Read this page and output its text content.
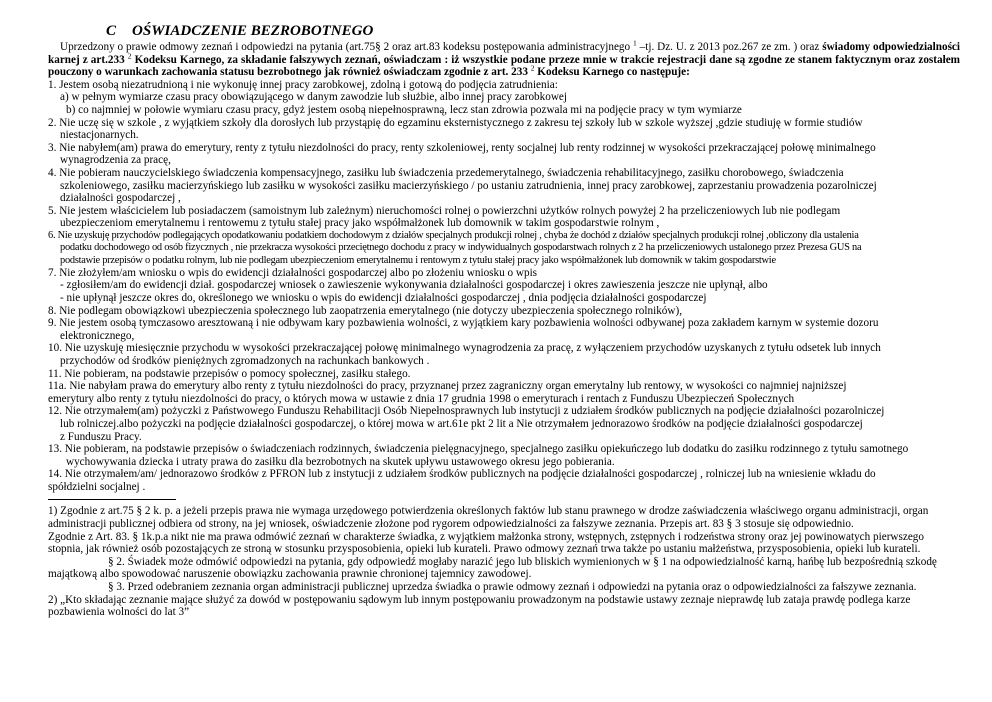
C OŚWIADCZENIE BEZROBOTNEGO
Uprzedzony o prawie odmowy zeznań i odpowiedzi na pytania (art.75§ 2 oraz art.83 kodeksu postępowania administracyjnego $^1$ –tj. Dz. U. z 2013 poz.267 ze zm. ) oraz świadomy odpowiedzialności karnej z art.233 $^2$ Kodeksu Karnego, za składanie fałszywych zeznań, oświadczam : iż wszystkie podane przeze mnie w trakcie rejestracji dane są zgodne ze stanem faktycznym oraz zostałem pouczony o warunkach zachowania statusu bezrobotnego jak również oświadczam zgodnie z art. 233 $^2$ Kodeksu Karnego co następuje:
1. Jestem osobą niezatrudnioną i nie wykonuję innej pracy zarobkowej, zdolną i gotową do podjęcia zatrudnienia:
a) w pełnym wymiarze czasu pracy obowiązującego w danym zawodzie lub służbie, albo innej pracy zarobkowej
b) co najmniej w połowie wymiaru czasu pracy, gdyż jestem osobą niepełnosprawną, lecz stan zdrowia pozwala mi na podjęcie pracy w tym wymiarze
2. Nie uczę się w szkole , z wyjątkiem szkoły dla dorosłych lub przystąpię do egzaminu eksternistycznego z zakresu tej szkoły lub w szkole wyższej ,gdzie studiuję w formie studiów
niestacjonarnych.
3. Nie nabyłem(am) prawa do emerytury, renty z tytułu niezdolności do pracy, renty szkoleniowej, renty socjalnej lub renty rodzinnej w wysokości przekraczającej połowę minimalnego
wynagrodzenia za pracę,
4. Nie pobieram nauczycielskiego świadczenia kompensacyjnego, zasiłku lub świadczenia przedemerytalnego, świadczenia rehabilitacyjnego, zasiłku chorobowego, świadczenia
szkoleniowego, zasiłku macierzyńskiego lub zasiłku w wysokości zasiłku macierzyńskiego / po ustaniu zatrudnienia, innej pracy zarobkowej, zaprzestaniu prowadzenia pozarolniczej
działalności gospodarczej ,
5. Nie jestem właścicielem lub posiadaczem (samoistnym lub zależnym) nieruchomości rolnej o powierzchni użytków rolnych powyżej 2 ha przeliczeniowych lub nie podlegam
ubezpieczeniom emerytalnemu i rentowemu z tytułu stałej pracy jako współmałżonek lub domownik w takim gospodarstwie rolnym ,
6. Nie uzyskuję przychodów podlegających opodatkowaniu podatkiem dochodowym z działów specjalnych produkcji rolnej , chyba że dochód z działów specjalnych produkcji rolnej ,obliczony dla ustalenia
podatku dochodowego od osób fizycznych , nie przekracza wysokości przeciętnego dochodu z pracy w indywidualnych gospodarstwach rolnych z 2 ha przeliczeniowych ustalonego przez Prezesa GUS na
podstawie przepisów o podatku rolnym, lub nie podlegam ubezpieczeniom emerytalnemu i rentowym z tytułu stałej pracy jako współmałżonek lub domownik w takim gospodarstwie
7. Nie złożyłem/am wniosku o wpis do ewidencji działalności gospodarczej albo po złożeniu wniosku o wpis
- zgłosiłem/am do ewidencji dział. gospodarczej wniosek o zawieszenie wykonywania działalności gospodarczej i okres zawieszenia jeszcze nie upłynął, albo
- nie upłynął jeszcze okres do, określonego we wniosku o wpis do ewidencji działalności gospodarczej , dnia podjęcia działalności gospodarczej
8. Nie podlegam obowiązkowi ubezpieczenia społecznego lub zaopatrzenia emerytalnego (nie dotyczy ubezpieczenia społecznego rolników),
9. Nie jestem osobą tymczasowo aresztowaną i nie odbywam kary pozbawienia wolności, z wyjątkiem kary pozbawienia wolności odbywanej poza zakładem karnym w systemie dozoru
elektronicznego,
10. Nie uzyskuję miesięcznie przychodu w wysokości przekraczającej połowę minimalnego wynagrodzenia za pracę, z wyłączeniem przychodów uzyskanych z tytułu odsetek lub innych
przychodów od środków pieniężnych zgromadzonych na rachunkach bankowych .
11. Nie pobieram, na podstawie przepisów o pomocy społecznej, zasiłku stałego.
11a. Nie nabyłam prawa do emerytury albo renty z tytułu niezdolności do pracy, przyznanej przez zagraniczny organ emerytalny lub rentowy, w wysokości co najmniej najniższej
emerytury albo renty z tytułu niezdolności do pracy, o których mowa w ustawie z dnia 17 grudnia 1998 o emeryturach i rentach z Funduszu Ubezpieczeń Społecznych
12. Nie otrzymałem(am) pożyczki z Państwowego Funduszu Rehabilitacji Osób Niepełnosprawnych lub instytucji z udziałem środków publicznych na podjęcie działalności pozarolniczej
lub rolniczej.albo pożyczki na podjęcie działalności gospodarczej, o której mowa w art.61e pkt 2 lit a Nie otrzymałem jednorazowo środków na podjęcie działalności gospodarczej
z Funduszu Pracy.
13. Nie pobieram, na podstawie przepisów o świadczeniach rodzinnych, świadczenia pielęgnacyjnego, specjalnego zasiłku opiekuńczego lub dodatku do zasiłku rodzinnego z tytułu samotnego
wychowywania dziecka i utraty prawa do zasiłku dla bezrobotnych na skutek upływu ustawowego okresu jego pobierania.
14. Nie otrzymałem/am/ jednorazowo środków z PFRON lub z instytucji z udziałem środków publicznych na podjęcie działalności gospodarczej , rolniczej lub na wniesienie wkładu do
spółdzielni socjalnej .
1) Zgodnie z art.75 § 2 k. p. a jeżeli przepis prawa nie wymaga urzędowego potwierdzenia określonych faktów lub stanu prawnego w drodze zaświadczenia właściwego organu administracji, organ administracji publicznej odbiera od strony, na jej wniosek, oświadczenie złożone pod rygorem odpowiedzialności za fałszywe zeznania. Przepis art. 83 § 3 stosuje się odpowiednio.
Zgodnie z Art. 83. § 1k.p.a nikt nie ma prawa odmówić zeznań w charakterze świadka, z wyjątkiem małżonka strony, wstępnych, zstępnych i rodzeństwa strony oraz jej powinowatych pierwszego stopnia, jak również osób pozostających ze stroną w stosunku przysposobienia, opieki lub kurateli. Prawo odmowy zeznań trwa także po ustaniu małżeństwa, przysposobienia, opieki lub kurateli.
§ 2. Świadek może odmówić odpowiedzi na pytania, gdy odpowiedź mogłaby narazić jego lub bliskich wymienionych w § 1 na odpowiedzialność karną, hańbę lub bezpośrednią szkodę majątkową albo spowodować naruszenie obowiązku zachowania prawnie chronionej tajemnicy zawodowej.
§ 3. Przed odebraniem zeznania organ administracji publicznej uprzedza świadka o prawie odmowy zeznań i odpowiedzi na pytania oraz o odpowiedzialności za fałszywe zeznania.
2) „Kto składając zeznanie mające służyć za dowód w postępowaniu sądowym lub innym postępowaniu prowadzonym na podstawie ustawy zeznaje nieprawdę lub zataja prawdę podlega karze pozbawienia wolności do lat 3”
